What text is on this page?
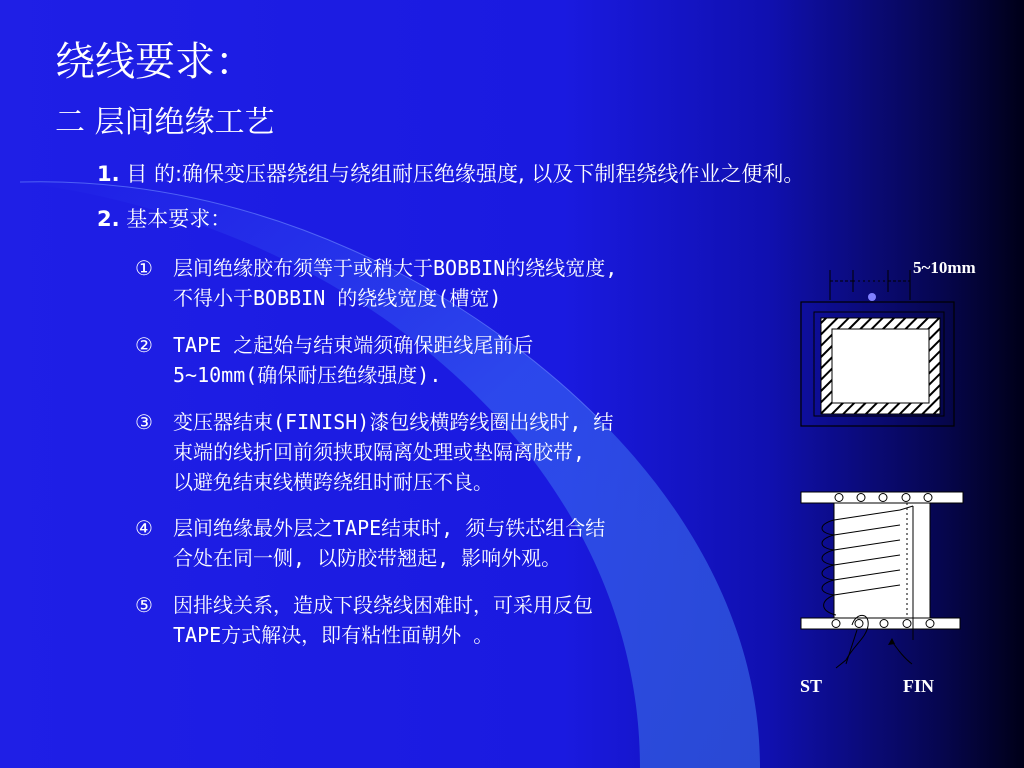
绕线要求：
二 层间绝缘工艺
1. 目 的:确保变压器绕组与绕组耐压绝缘强度, 以及下制程绕线作业之便利。
2. 基本要求：
① 层间绝缘胶布须等于或稍大于BOBBIN的绕线宽度,
不得小于BOBBIN 的绕线宽度(槽宽)
② TAPE 之起始与结束端须确保距线尾前后
5~10mm(确保耐压绝缘强度).
③ 变压器结束(FINISH)漆包线横跨线圈出线时, 结
束端的线折回前须挟取隔离处理或垫隔离胶带,
以避免结束线横跨绕组时耐压不良。
④ 层间绝缘最外层之TAPE结束时, 须与铁芯组合结
合处在同一侧, 以防胶带翘起, 影响外观。
⑤ 因排线关系，造成下段绕线困难时，可采用反包
TAPE方式解决，即有粘性面朝外 。
5~10mm
ST	FIN
